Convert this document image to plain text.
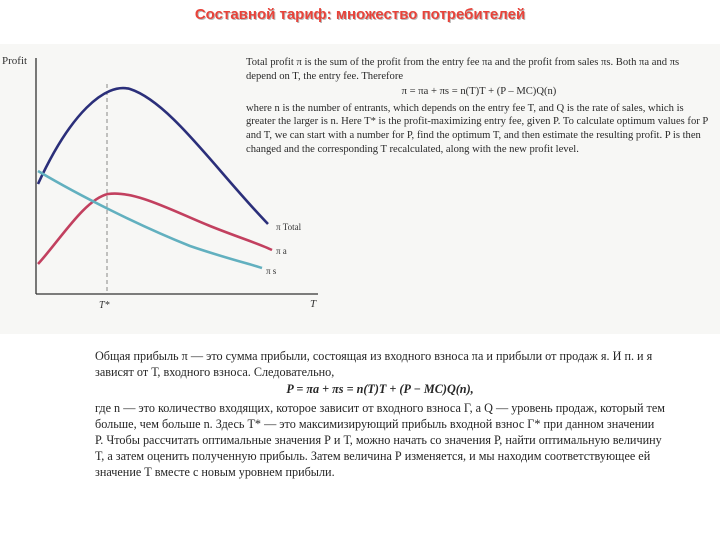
Составной тариф: множество потребителей
Profit
T
T*
π Total
π a
π s

Total profit π is the sum of the profit from the entry fee πa and the profit from sales πs. Both πa and πs depend on T, the entry fee. Therefore

π = πa + πs = n(T)T + (P – MC)Q(n)

where n is the number of entrants, which depends on the entry fee T, and Q is the rate of sales, which is greater the larger is n. Here T* is the profit-maximizing entry fee, given P. To calculate optimum values for P and T, we can start with a number for P, find the optimum T, and then estimate the resulting profit. P is then changed and the corresponding T recalculated, along with the new profit level.

Общая прибыль π — это сумма прибыли, состоящая из входного взноса πa и прибыли от продаж я. И п. и я зависят от Т, входного взноса. Следовательно,

P = πa + πs = n(T)T + (P − MC)Q(n),

где n — это количество входящих, которое зависит от входного взноса Г, а Q — уровень продаж, который тем больше, чем больше n. Здесь Т* — это максимизирующий прибыль входной взнос Г* при данном значении Р. Чтобы рассчитать оптимальные значения Р и Т, можно начать со значения Р, найти оптимальную величину Т, а затем оценить полученную прибыль. Затем величина Р изменяется, и мы находим соответствующее ей значение Т вместе с новым уровнем прибыли.
